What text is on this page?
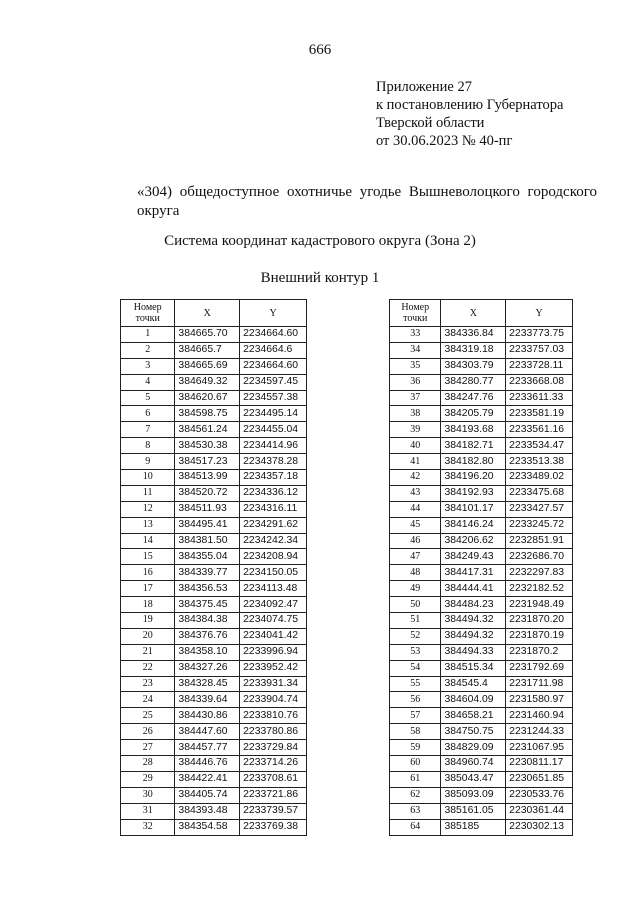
666
Приложение 27
к постановлению Губернатора
Тверской области
от 30.06.2023 № 40-пг
«304) общедоступное охотничье угодье Вышневолоцкого городского округа
Система координат кадастрового округа (Зона 2)
Внешний контур 1
Номер
точки	X	Y
1	384665.70	2234664.60
2	384665.7	2234664.6
3	384665.69	2234664.60
4	384649.32	2234597.45
5	384620.67	2234557.38
6	384598.75	2234495.14
7	384561.24	2234455.04
8	384530.38	2234414.96
9	384517.23	2234378.28
10	384513.99	2234357.18
11	384520.72	2234336.12
12	384511.93	2234316.11
13	384495.41	2234291.62
14	384381.50	2234242.34
15	384355.04	2234208.94
16	384339.77	2234150.05
17	384356.53	2234113.48
18	384375.45	2234092.47
19	384384.38	2234074.75
20	384376.76	2234041.42
21	384358.10	2233996.94
22	384327.26	2233952.42
23	384328.45	2233931.34
24	384339.64	2233904.74
25	384430.86	2233810.76
26	384447.60	2233780.86
27	384457.77	2233729.84
28	384446.76	2233714.26
29	384422.41	2233708.61
30	384405.74	2233721.86
31	384393.48	2233739.57
32	384354.58	2233769.38
Номер
точки	X	Y
33	384336.84	2233773.75
34	384319.18	2233757.03
35	384303.79	2233728.11
36	384280.77	2233668.08
37	384247.76	2233611.33
38	384205.79	2233581.19
39	384193.68	2233561.16
40	384182.71	2233534.47
41	384182.80	2233513.38
42	384196.20	2233489.02
43	384192.93	2233475.68
44	384101.17	2233427.57
45	384146.24	2233245.72
46	384206.62	2232851.91
47	384249.43	2232686.70
48	384417.31	2232297.83
49	384444.41	2232182.52
50	384484.23	2231948.49
51	384494.32	2231870.20
52	384494.32	2231870.19
53	384494.33	2231870.2
54	384515.34	2231792.69
55	384545.4	2231711.98
56	384604.09	2231580.97
57	384658.21	2231460.94
58	384750.75	2231244.33
59	384829.09	2231067.95
60	384960.74	2230811.17
61	385043.47	2230651.85
62	385093.09	2230533.76
63	385161.05	2230361.44
64	385185	2230302.13
